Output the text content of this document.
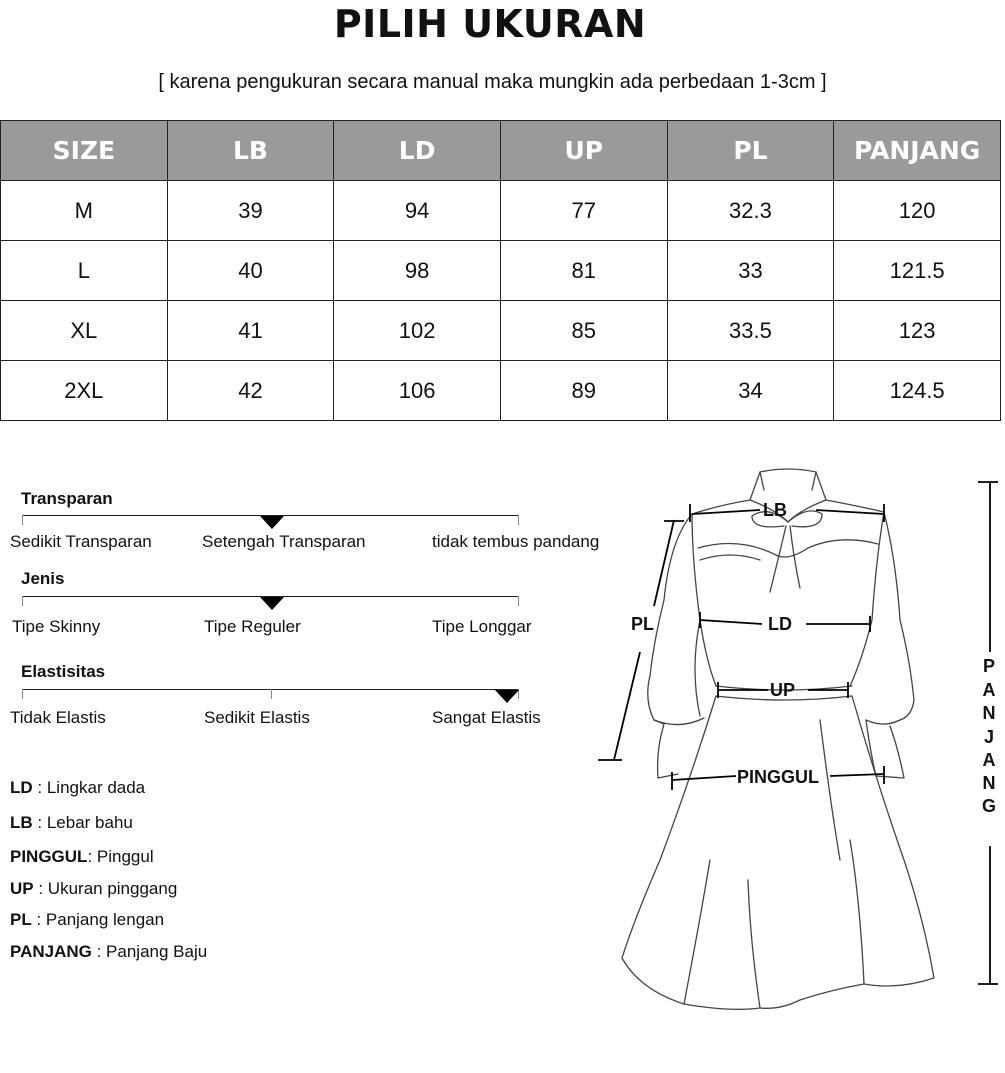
PILIH UKURAN
[ karena pengukuran secara manual maka mungkin ada perbedaan 1-3cm ]
SIZE	LB	LD	UP	PL	PANJANG
M	39	94	77	32.3	120
L	40	98	81	33	121.5
XL	41	102	85	33.5	123
2XL	42	106	89	34	124.5
Transparan
Sedikit Transparan	Setengah Transparan	tidak tembus pandang
Jenis
Tipe Skinny	Tipe Reguler	Tipe Longgar
Elastisitas
Tidak Elastis	Sedikit Elastis	Sangat Elastis
LD : Lingkar dada
LB : Lebar bahu
PINGGUL: Pinggul
UP : Ukuran pinggang
PL : Panjang lengan
PANJANG : Panjang Baju
LB
LD
UP
PL
PINGGUL
P
A
N
J
A
N
G
